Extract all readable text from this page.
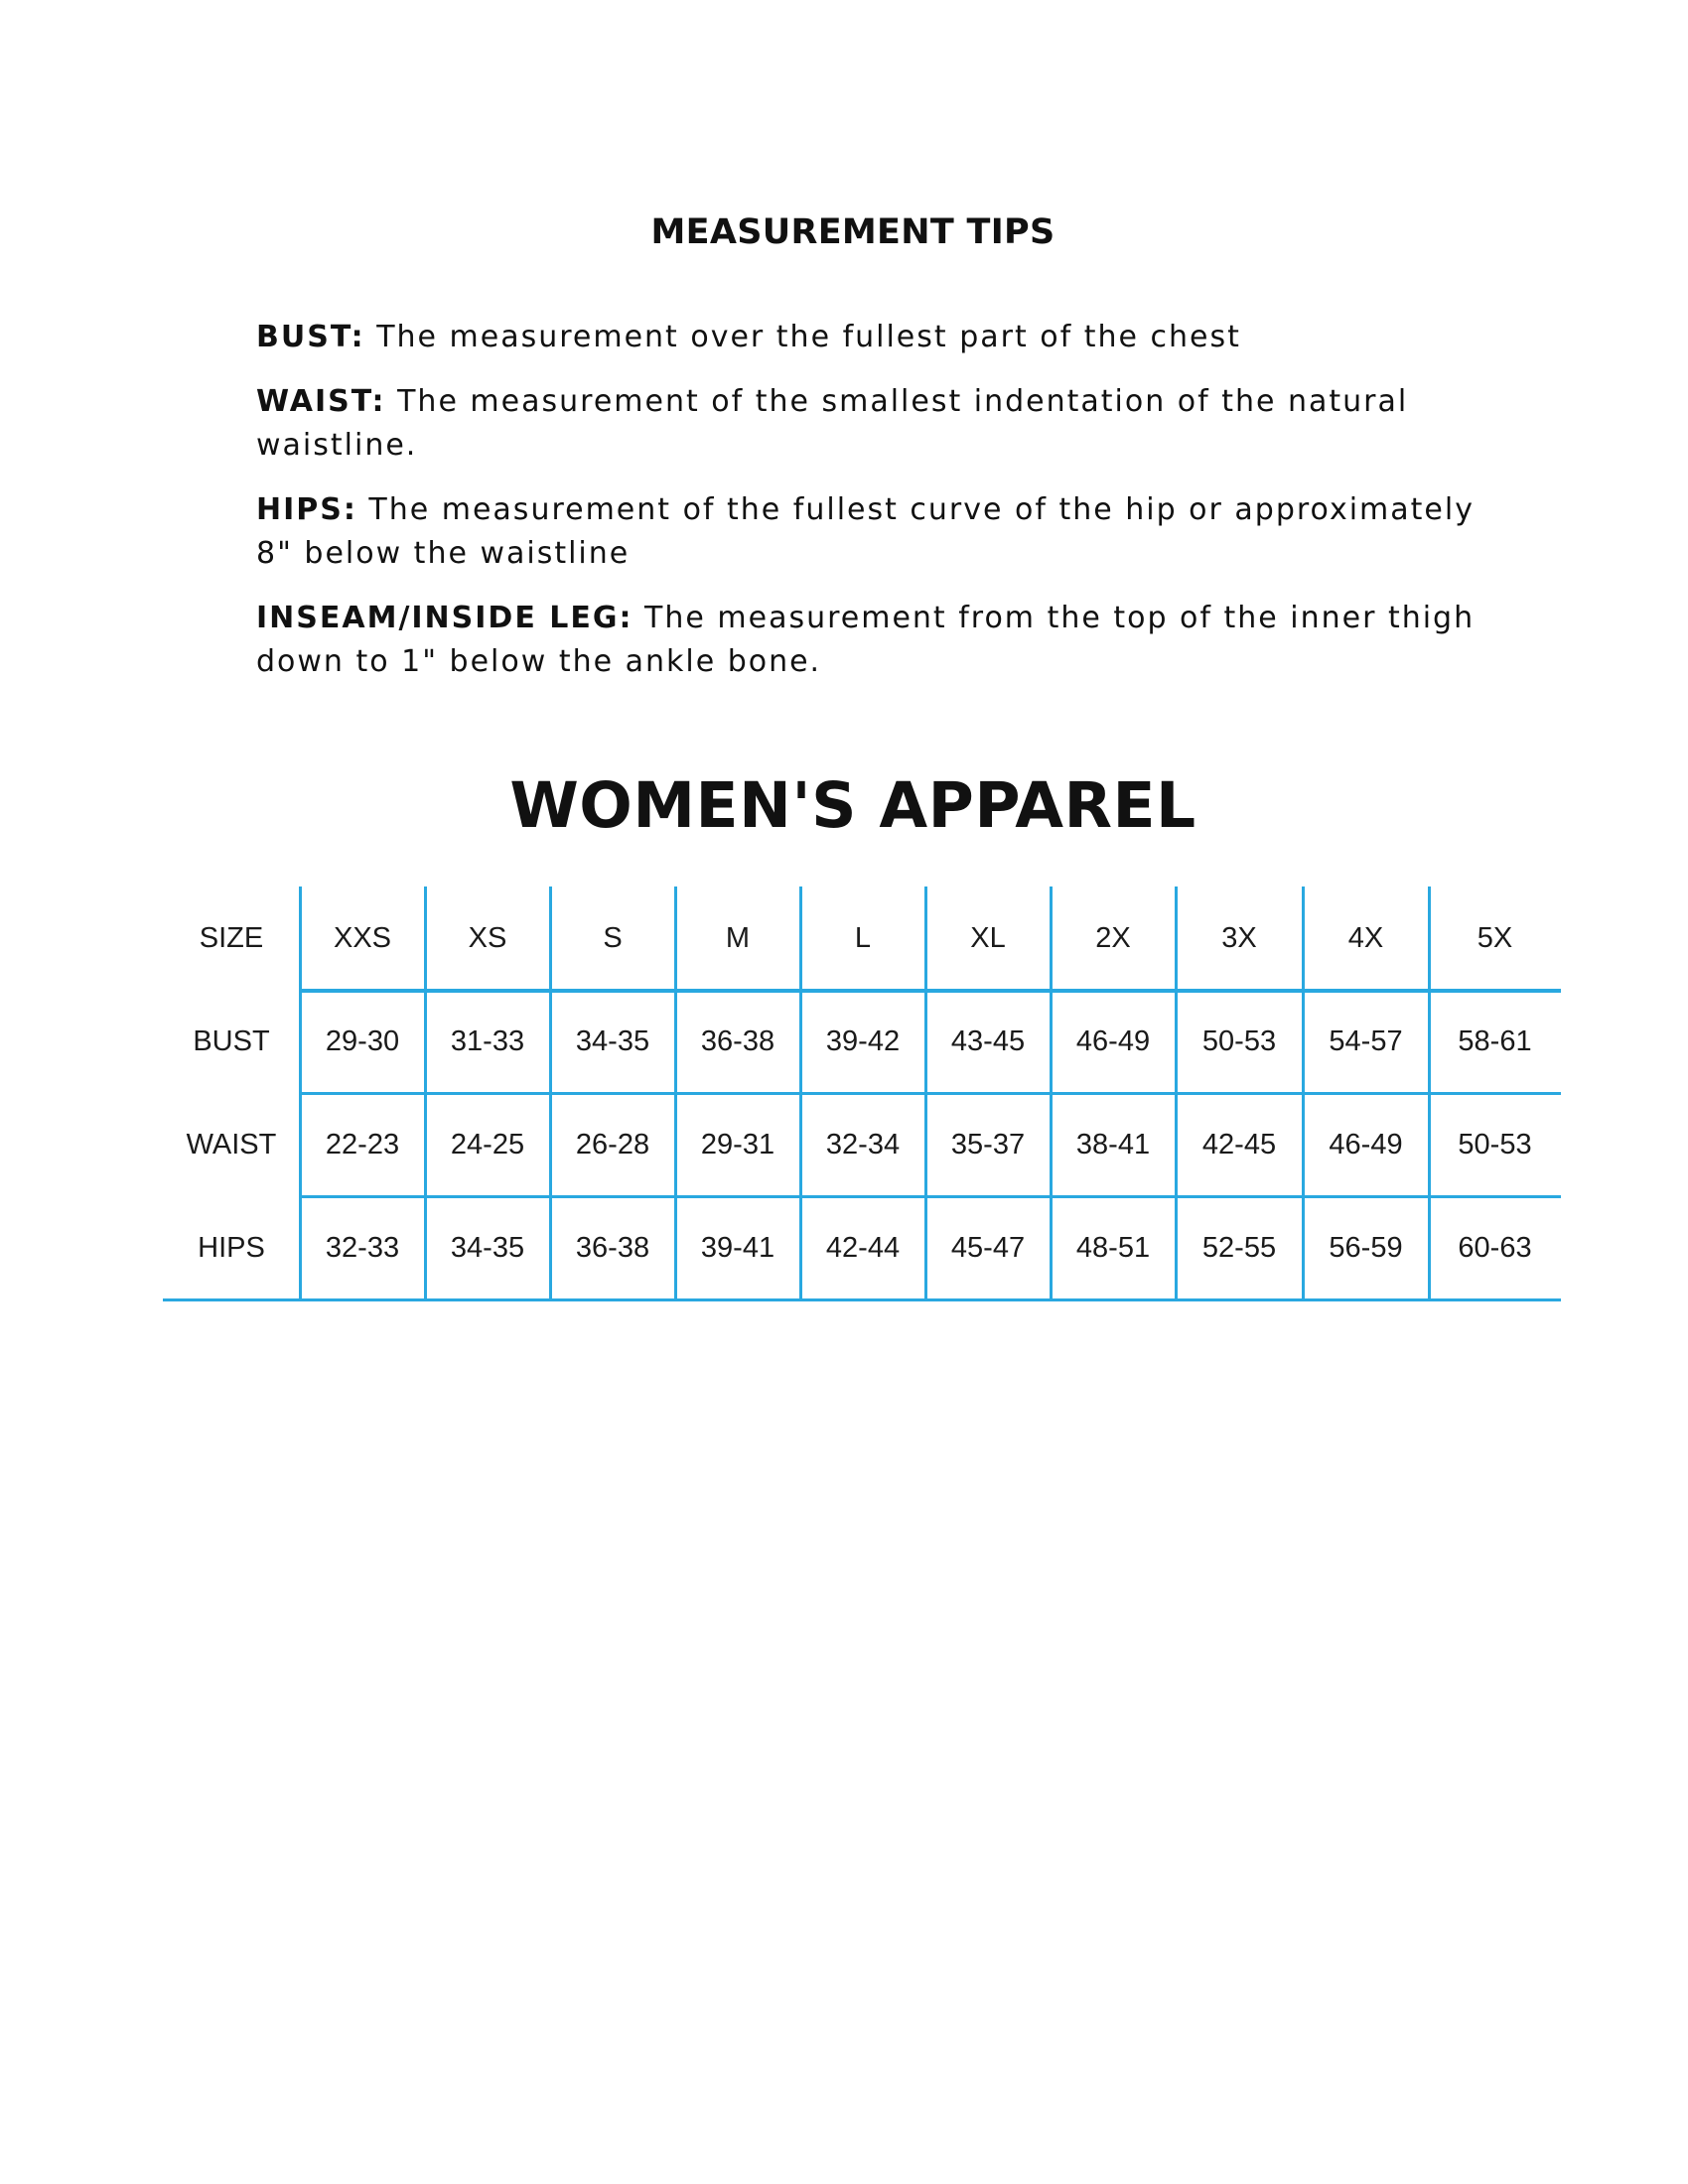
MEASUREMENT TIPS

BUST: The measurement over the fullest part of the chest

WAIST: The measurement of the smallest indentation of the natural waistline.

HIPS: The measurement of the fullest curve of the hip or approximately 8" below the waistline

INSEAM/INSIDE LEG: The measurement from the top of the inner thigh down to 1" below the ankle bone.

WOMEN'S APPAREL
SIZE	XXS	XS	S	M	L	XL	2X	3X	4X	5X
BUST	29-30	31-33	34-35	36-38	39-42	43-45	46-49	50-53	54-57	58-61
WAIST	22-23	24-25	26-28	29-31	32-34	35-37	38-41	42-45	46-49	50-53
HIPS	32-33	34-35	36-38	39-41	42-44	45-47	48-51	52-55	56-59	60-63
